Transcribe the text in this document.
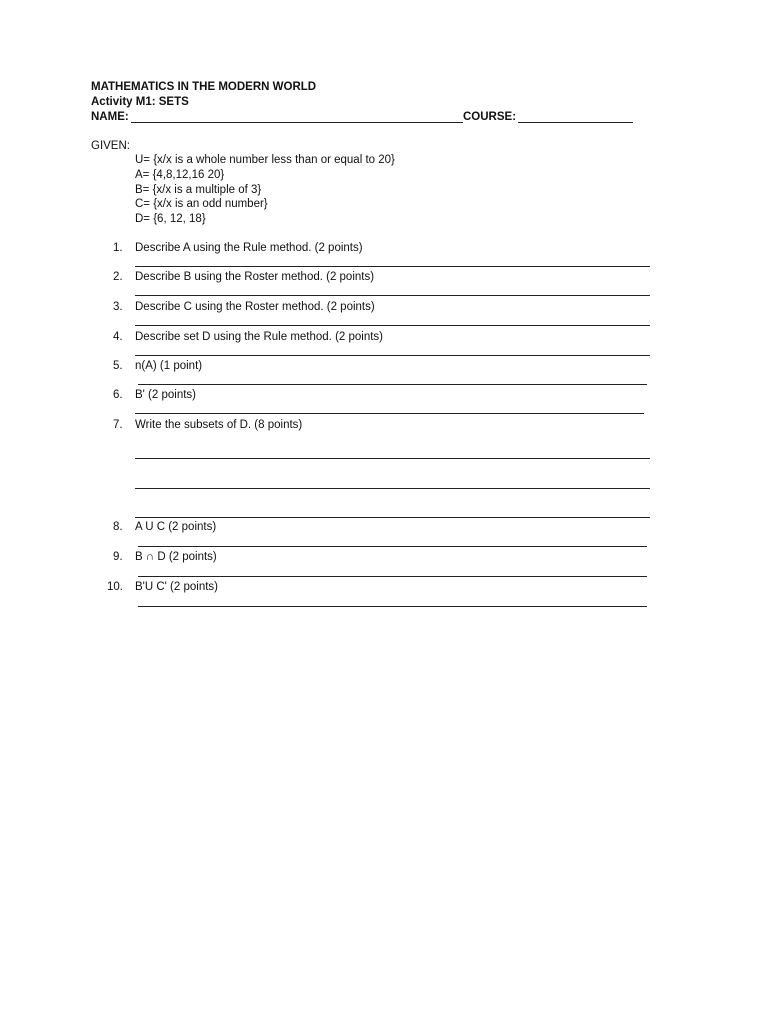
MATHEMATICS IN THE MODERN WORLD
Activity M1: SETS
NAME:	COURSE:
GIVEN:
U= {x/x is a whole number less than or equal to 20}
A= {4,8,12,16 20}
B= {x/x is a multiple of 3}
C= {x/x is an odd number}
D= {6, 12, 18}
1. Describe A using the Rule method. (2 points)
2. Describe B using the Roster method. (2 points)
3. Describe C using the Roster method. (2 points)
4. Describe set D using the Rule method. (2 points)
5. n(A) (1 point)
6. B' (2 points)
7. Write the subsets of D. (8 points)
8. A U C (2 points)
9. B ∩ D (2 points)
10. B'U C' (2 points)
